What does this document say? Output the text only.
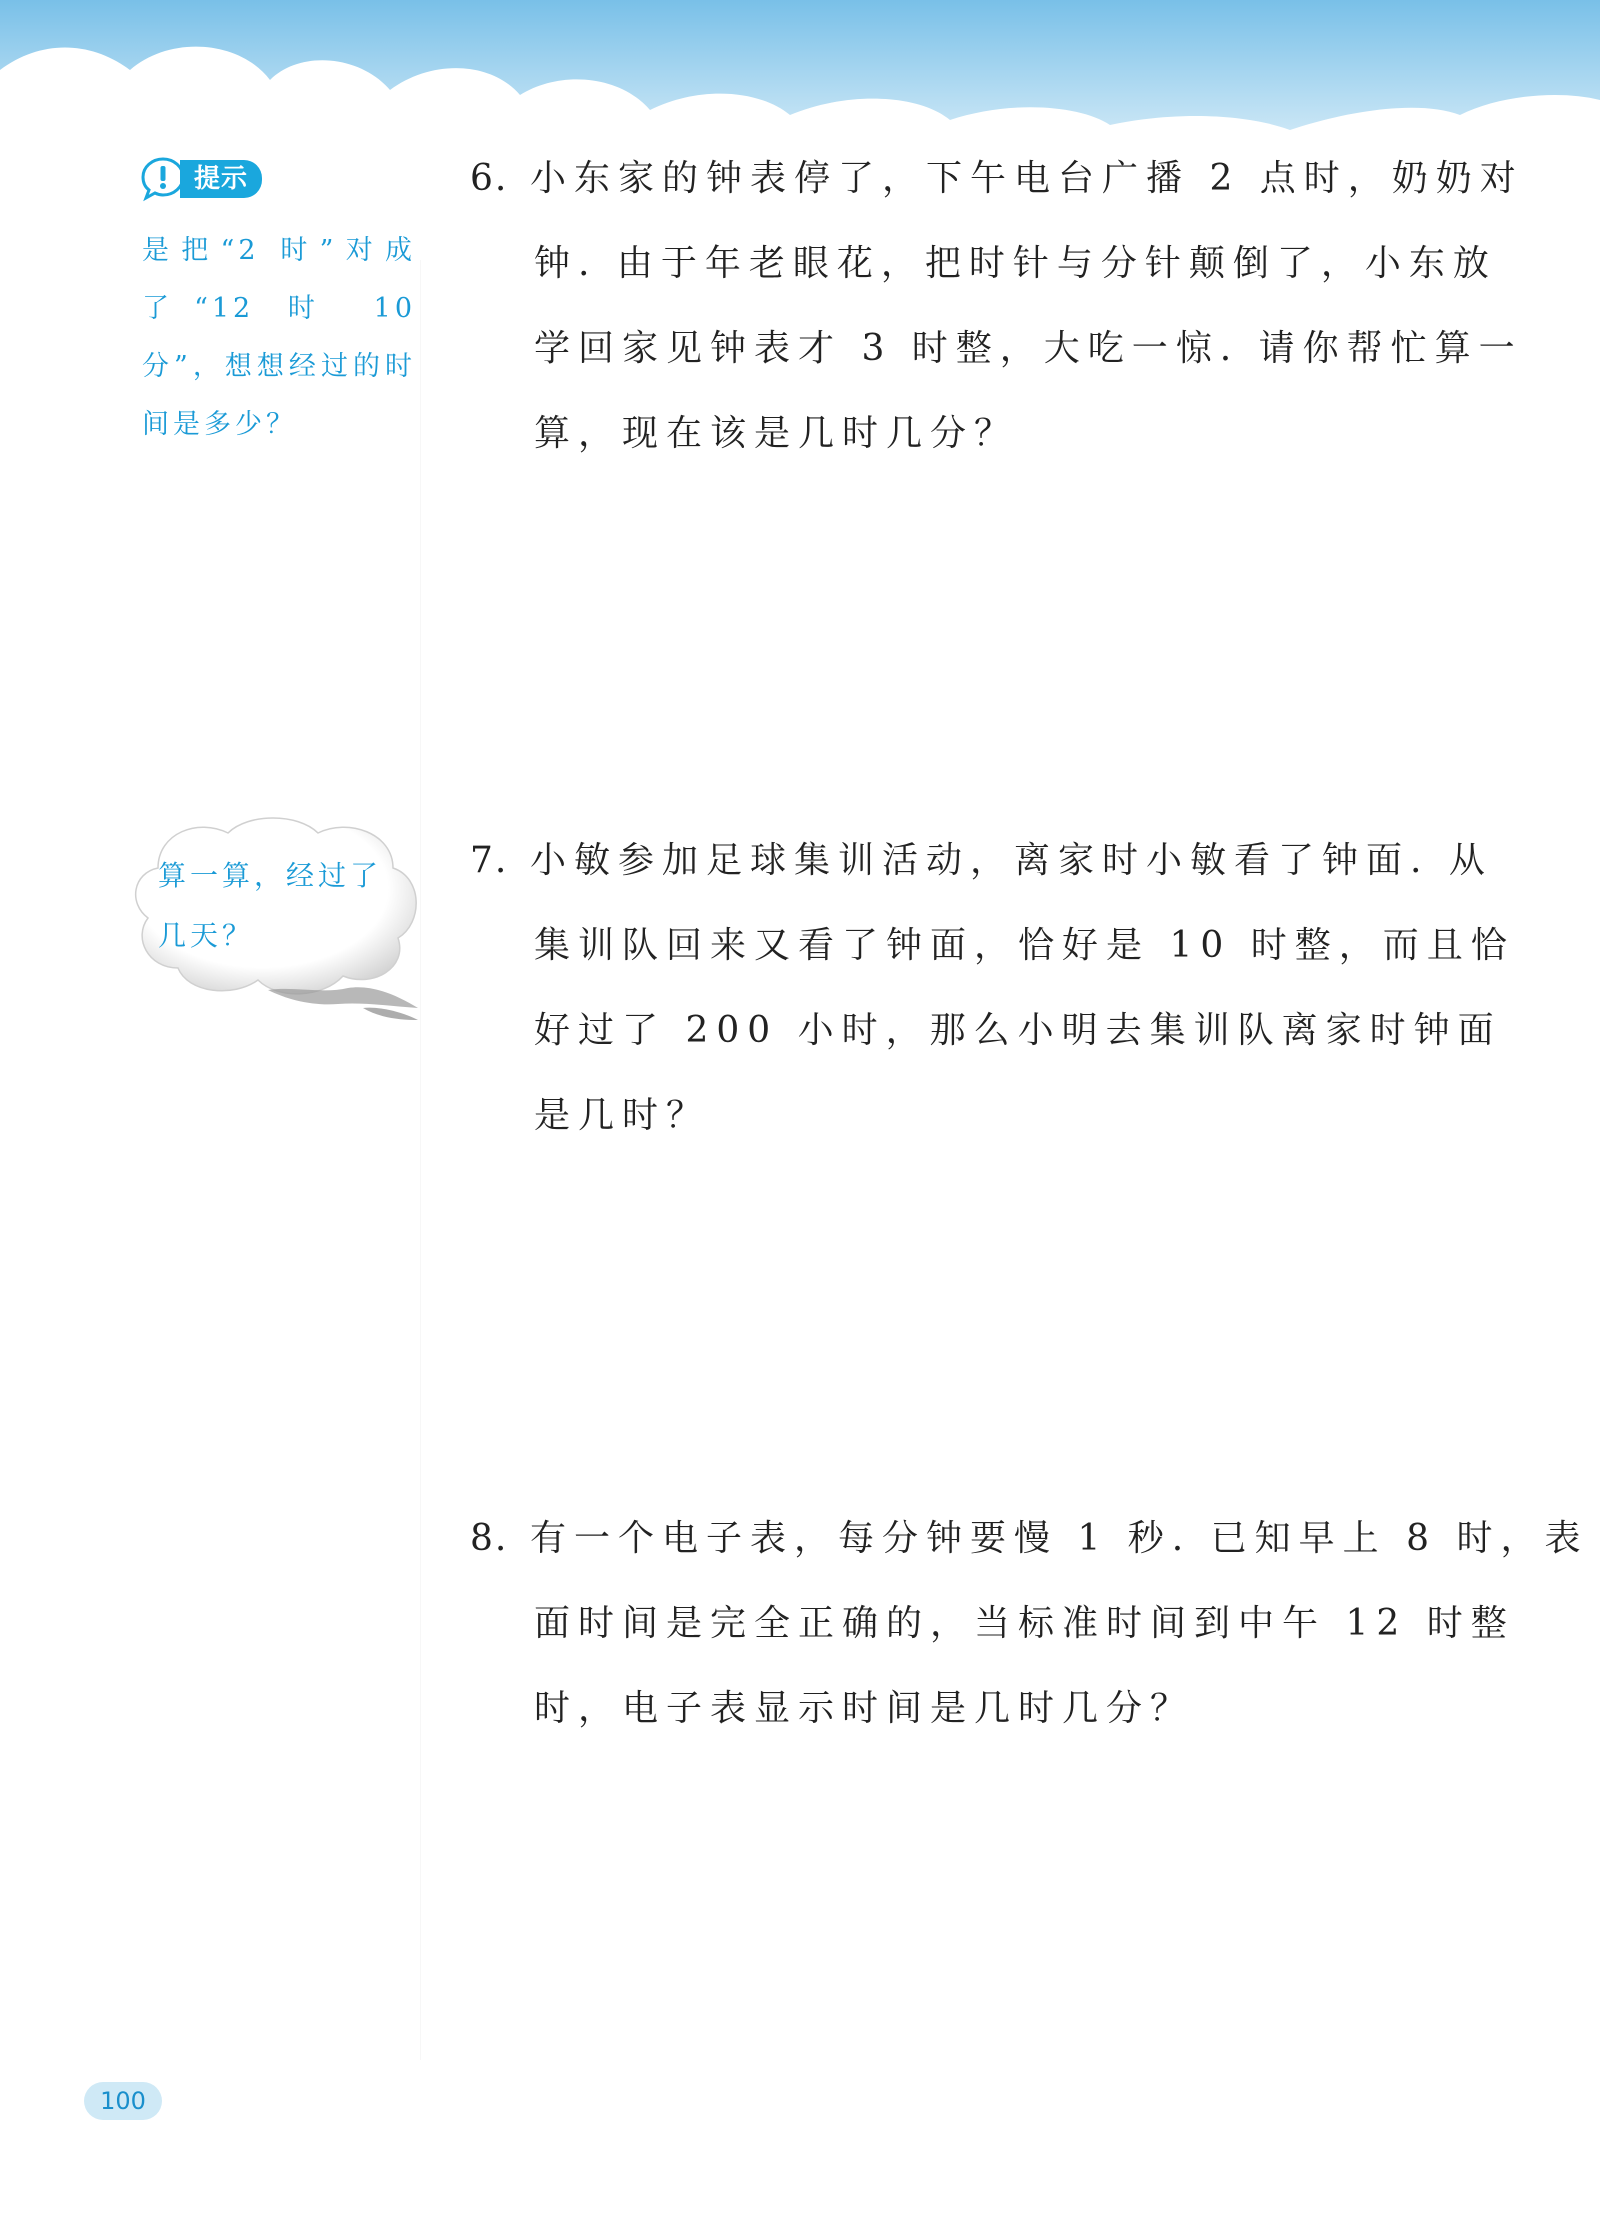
提示
是把“2 时”对成了“12 时 10 分”，想想经过的时间是多少？
算一算，经过了几天？
6. 小东家的钟表停了，下午电台广播 2 点时，奶奶对
钟. 由于年老眼花，把时针与分针颠倒了，小东放
学回家见钟表才 3 时整，大吃一惊. 请你帮忙算一
算，现在该是几时几分？
7. 小敏参加足球集训活动，离家时小敏看了钟面. 从
集训队回来又看了钟面，恰好是 10 时整，而且恰
好过了 200 小时，那么小明去集训队离家时钟面
是几时？
8. 有一个电子表，每分钟要慢 1 秒. 已知早上 8 时，表
面时间是完全正确的，当标准时间到中午 12 时整
时，电子表显示时间是几时几分？
100
